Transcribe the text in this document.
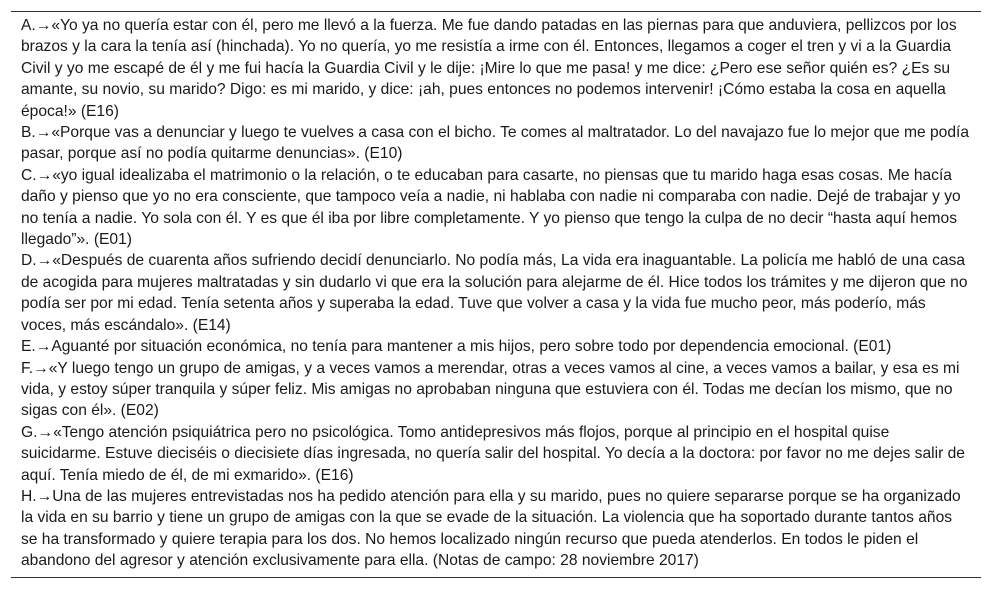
A.→«Yo ya no quería estar con él, pero me llevó a la fuerza. Me fue dando patadas en las piernas para que anduviera, pellizcos por los brazos y la cara la tenía así (hinchada). Yo no quería, yo me resistía a irme con él. Entonces, llegamos a coger el tren y vi a la Guardia Civil y yo me escapé de él y me fui hacía la Guardia Civil y le dije: ¡Mire lo que me pasa! y me dice: ¿Pero ese señor quién es? ¿Es su amante, su novio, su marido? Digo: es mi marido, y dice: ¡ah, pues entonces no podemos intervenir! ¡Cómo estaba la cosa en aquella época!» (E16)

B.→«Porque vas a denunciar y luego te vuelves a casa con el bicho. Te comes al maltratador. Lo del navajazo fue lo mejor que me podía pasar, porque así no podía quitarme denuncias». (E10)

C.→«yo igual idealizaba el matrimonio o la relación, o te educaban para casarte, no piensas que tu marido haga esas cosas. Me hacía daño y pienso que yo no era consciente, que tampoco veía a nadie, ni hablaba con nadie ni comparaba con nadie. Dejé de trabajar y yo no tenía a nadie. Yo sola con él. Y es que él iba por libre completamente. Y yo pienso que tengo la culpa de no decir “hasta aquí hemos llegado”». (E01)

D.→«Después de cuarenta años sufriendo decidí denunciarlo. No podía más, La vida era inaguantable. La policía me habló de una casa de acogida para mujeres maltratadas y sin dudarlo vi que era la solución para alejarme de él. Hice todos los trámites y me dijeron que no podía ser por mi edad. Tenía setenta años y superaba la edad. Tuve que volver a casa y la vida fue mucho peor, más poderío, más voces, más escándalo». (E14)

E.→Aguanté por situación económica, no tenía para mantener a mis hijos, pero sobre todo por dependencia emocional. (E01)

F.→«Y luego tengo un grupo de amigas, y a veces vamos a merendar, otras a veces vamos al cine, a veces vamos a bailar, y esa es mi vida, y estoy súper tranquila y súper feliz. Mis amigas no aprobaban ninguna que estuviera con él. Todas me decían los mismo, que no sigas con él». (E02)

G.→«Tengo atención psiquiátrica pero no psicológica. Tomo antidepresivos más flojos, porque al principio en el hospital quise suicidarme. Estuve dieciséis o diecisiete días ingresada, no quería salir del hospital. Yo decía a la doctora: por favor no me dejes salir de aquí. Tenía miedo de él, de mi exmarido». (E16)

H.→Una de las mujeres entrevistadas nos ha pedido atención para ella y su marido, pues no quiere separarse porque se ha organizado la vida en su barrio y tiene un grupo de amigas con la que se evade de la situación. La violencia que ha soportado durante tantos años se ha transformado y quiere terapia para los dos. No hemos localizado ningún recurso que pueda atenderlos. En todos le piden el abandono del agresor y atención exclusivamente para ella. (Notas de campo: 28 noviembre 2017)
